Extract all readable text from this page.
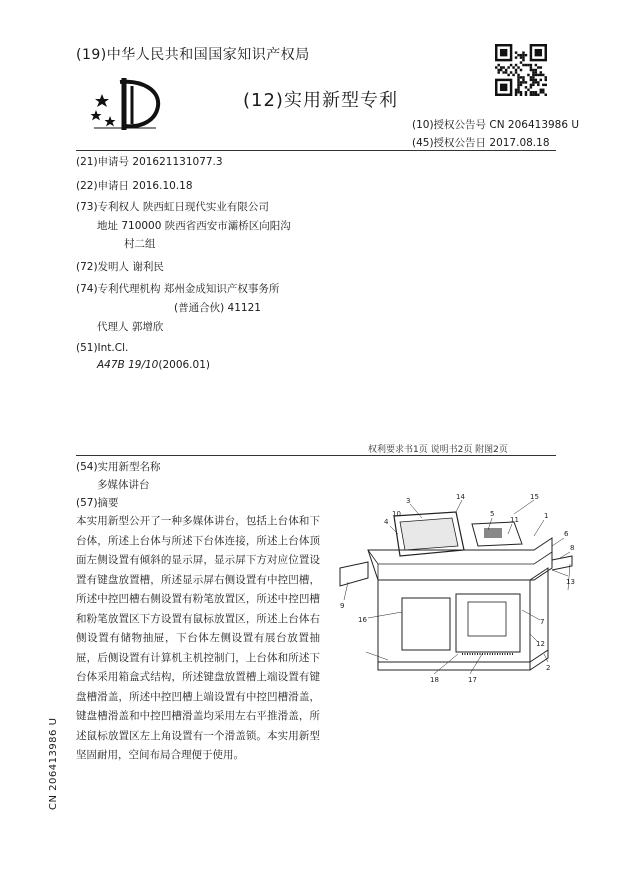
(19)中华人民共和国国家知识产权局
(12)实用新型专利
(10)授权公告号 CN 206413986 U
(45)授权公告日 2017.08.18
(21)申请号 201621131077.3
(22)申请日 2016.10.18
(73)专利权人 陕西虹日现代实业有限公司
地址 710000 陕西省西安市灞桥区向阳沟
村二组
(72)发明人 谢利民
(74)专利代理机构 郑州金成知识产权事务所
(普通合伙) 41121
代理人 郭增欣
(51)Int.Cl.
A47B 19/10(2006.01)
权利要求书1页 说明书2页 附图2页
(54)实用新型名称
多媒体讲台
(57)摘要
本实用新型公开了一种多媒体讲台，包括上台体和下台体，所述上台体与所述下台体连接，所述上台体顶面左侧设置有倾斜的显示屏，显示屏下方对应位置设置有键盘放置槽，所述显示屏右侧设置有中控凹槽，所述中控凹槽右侧设置有粉笔放置区，所述中控凹槽和粉笔放置区下方设置有鼠标放置区，所述上台体右侧设置有储物抽屉，下台体左侧设置有展台放置抽屉，后侧设置有计算机主机控制门，上台体和所述下台体采用箱盒式结构，所述键盘放置槽上端设置有键盘槽滑盖，所述中控凹槽上端设置有中控凹槽滑盖，键盘槽滑盖和中控凹槽滑盖均采用左右平推滑盖，所述鼠标放置区左上角设置有一个滑盖锁。本实用新型坚固耐用，空间布局合理便于使用。
CN 206413986 U
3	14	15
5
11	1
6
8
13
9
4
10
7
16
12
2
18	17
